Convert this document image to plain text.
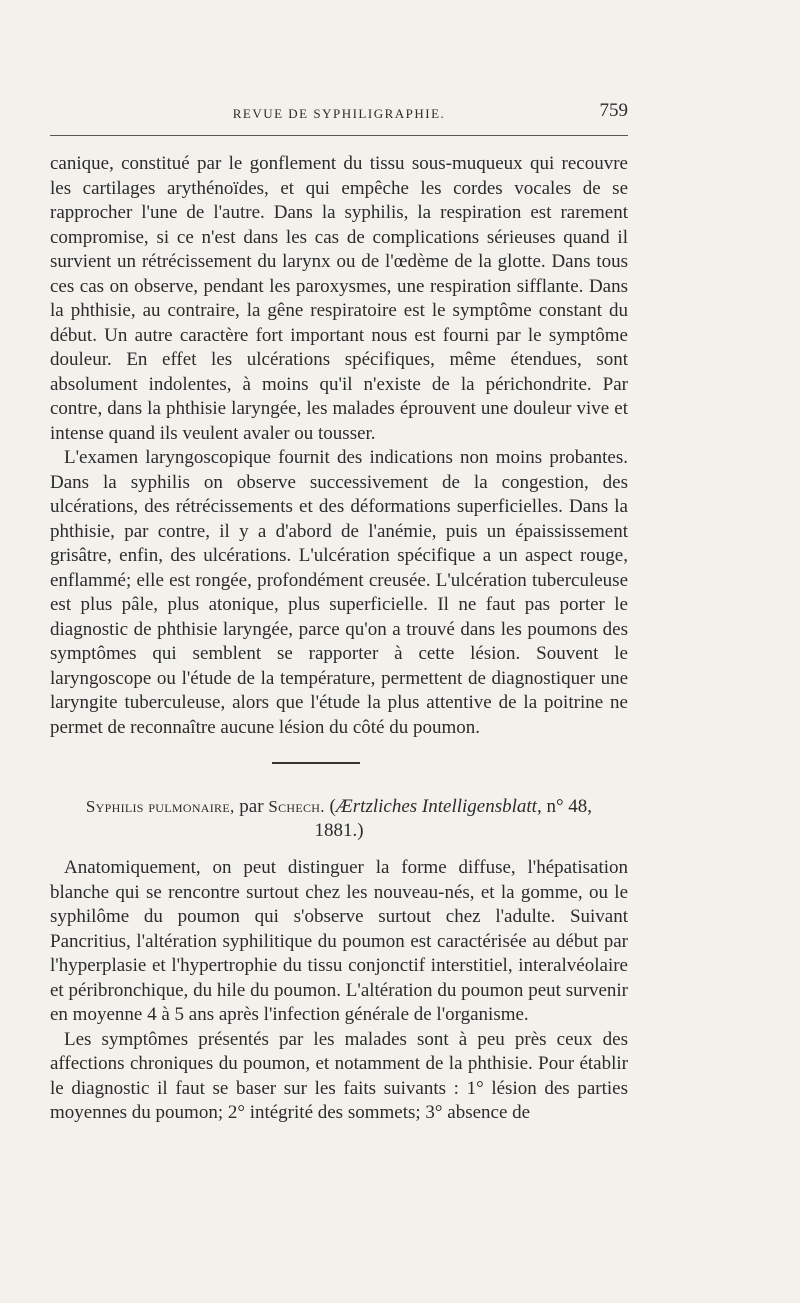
REVUE DE SYPHILIGRAPHIE.	759

canique, constitué par le gonflement du tissu sous-muqueux qui recouvre les cartilages arythénoïdes, et qui empêche les cordes vocales de se rapprocher l'une de l'autre. Dans la syphilis, la respiration est rarement compromise, si ce n'est dans les cas de complications sérieuses quand il survient un rétrécissement du larynx ou de l'œdème de la glotte. Dans tous ces cas on observe, pendant les paroxysmes, une respiration sifflante. Dans la phthisie, au contraire, la gêne respiratoire est le symptôme constant du début. Un autre caractère fort important nous est fourni par le symptôme douleur. En effet les ulcérations spécifiques, même étendues, sont absolument indolentes, à moins qu'il n'existe de la périchondrite. Par contre, dans la phthisie laryngée, les malades éprouvent une douleur vive et intense quand ils veulent avaler ou tousser.

L'examen laryngoscopique fournit des indications non moins probantes. Dans la syphilis on observe successivement de la congestion, des ulcérations, des rétrécissements et des déformations superficielles. Dans la phthisie, par contre, il y a d'abord de l'anémie, puis un épaississement grisâtre, enfin, des ulcérations. L'ulcération spécifique a un aspect rouge, enflammé; elle est rongée, profondément creusée. L'ulcération tuberculeuse est plus pâle, plus atonique, plus superficielle. Il ne faut pas porter le diagnostic de phthisie laryngée, parce qu'on a trouvé dans les poumons des symptômes qui semblent se rapporter à cette lésion. Souvent le laryngoscope ou l'étude de la température, permettent de diagnostiquer une laryngite tuberculeuse, alors que l'étude la plus attentive de la poitrine ne permet de reconnaître aucune lésion du côté du poumon.

Syphilis pulmonaire, par Schech. (Ærtzliches Intelligensblatt, n° 48,
1881.)

Anatomiquement, on peut distinguer la forme diffuse, l'hépatisation blanche qui se rencontre surtout chez les nouveau-nés, et la gomme, ou le syphilôme du poumon qui s'observe surtout chez l'adulte. Suivant Pancritius, l'altération syphilitique du poumon est caractérisée au début par l'hyperplasie et l'hypertrophie du tissu conjonctif interstitiel, interalvéolaire et péribronchique, du hile du poumon. L'altération du poumon peut survenir en moyenne 4 à 5 ans après l'infection générale de l'organisme.

Les symptômes présentés par les malades sont à peu près ceux des affections chroniques du poumon, et notamment de la phthisie. Pour établir le diagnostic il faut se baser sur les faits suivants : 1° lésion des parties moyennes du poumon; 2° intégrité des sommets; 3° absence de
